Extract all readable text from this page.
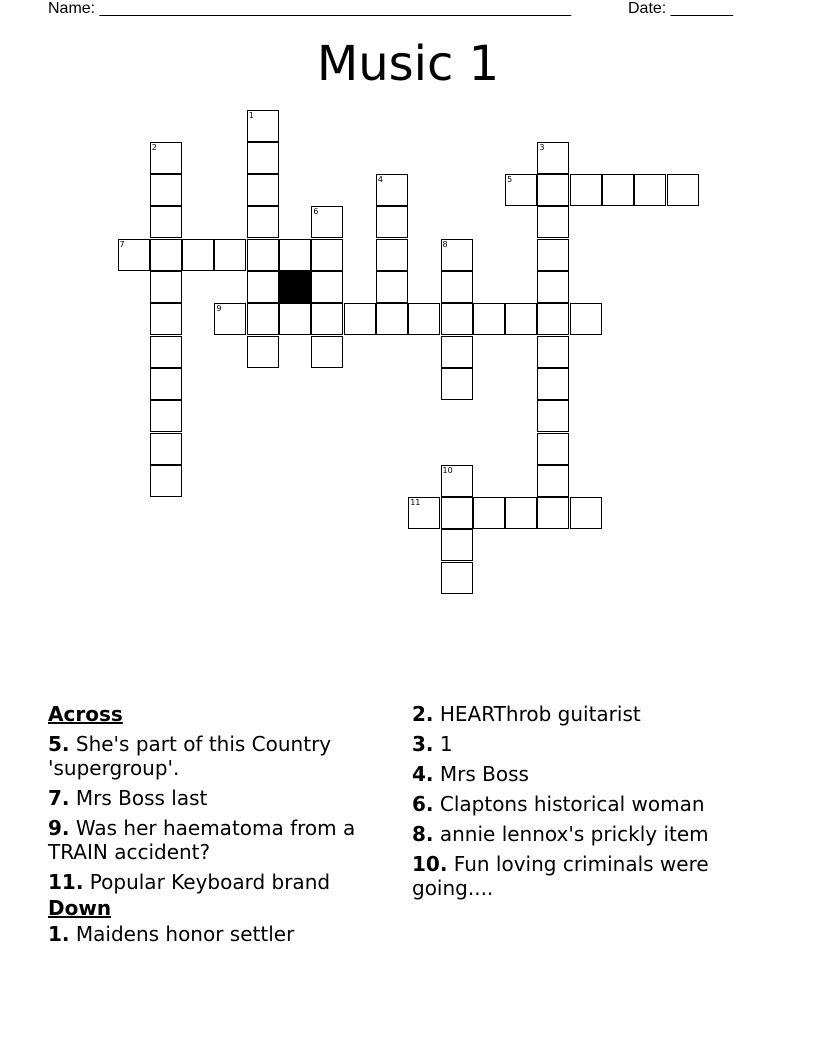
Name: _____________________________________________________	Date: _______
Music 1
1
2	3
4	5
6
7	8
9
10
11
Across
5. She's part of this Country 'supergroup'.
7. Mrs Boss last
9. Was her haematoma from a TRAIN accident?
11. Popular Keyboard brand
Down
1. Maidens honor settler
2. HEARThrob guitarist
3. 1
4. Mrs Boss
6. Claptons historical woman
8. annie lennox's prickly item
10. Fun loving criminals were going....
